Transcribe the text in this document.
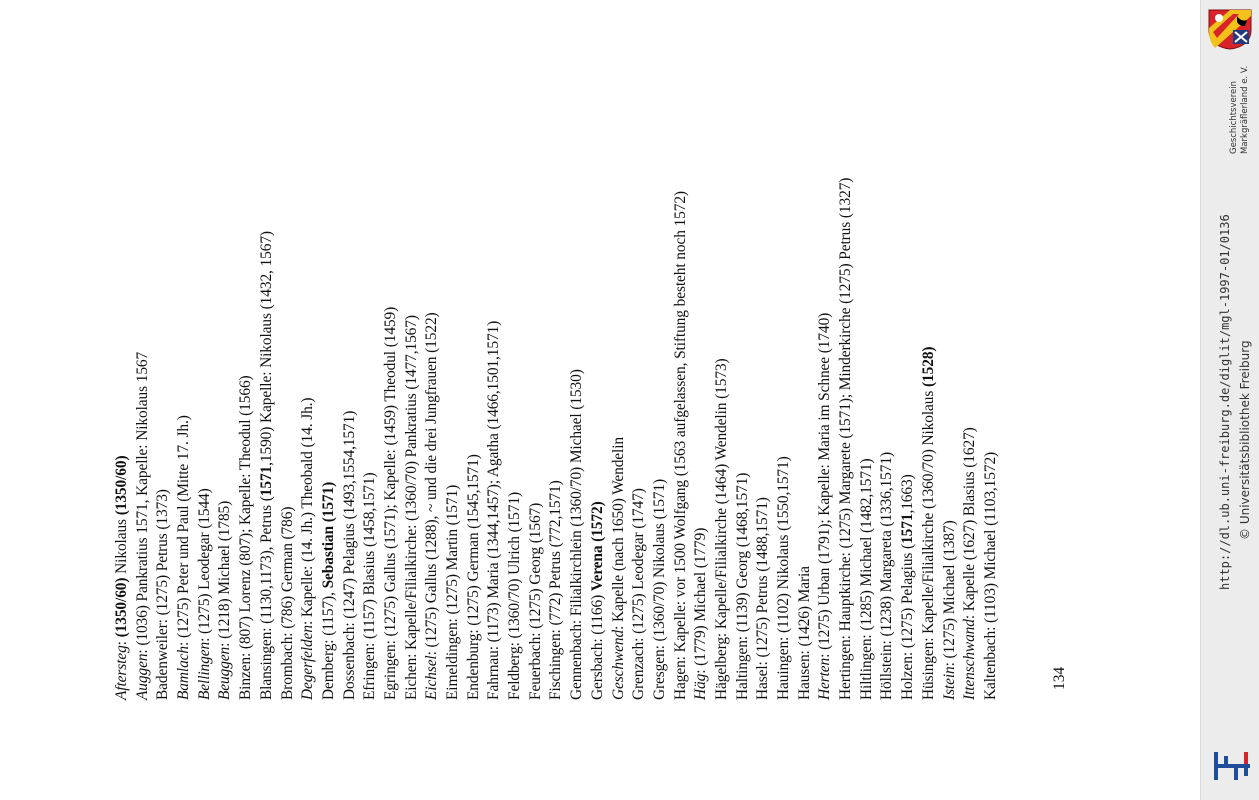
Aftersteg: (1350/60) Nikolaus (1350/60)
Auggen: (1036) Pankratius 1571, Kapelle: Nikolaus 1567 Badenweiler: (1275) Petrus (1373) Bamlach: (1275) Peter und Paul (Mitte 17. Jh.)
Bellingen: (1275) Leodegar (1544)
Beuggen: (1218) Michael (1785) Binzen: (807) Lorenz (807); Kapelle: Theodul (1566) Blansingen: (1130,1173), Petrus (1571,1590) Kapelle: Nikolaus (1432, 1567)
Brombach: (786) German (786) Degerfelden: Kapelle: (14. Jh.) Theobald (14. Jh.)
Demberg: (1157), Sebastian (1571) Dossenbach: (1247) Pelagius (1493,1554,1571) Efringen: (1157) Blasius (1458,1571) Egringen: (1275) Gallus (1571); Kapelle: (1459) Theodul (1459) Eichen: Kapelle/Filialkirche: (1360/70) Pankratius (1477,1567) Eichsel: (1275) Gallus (1288), ~ und die drei Jungfrauen (1522) Eimeldingen: (1275) Martin (1571) Endenburg: (1275) German (1545,1571) Fahrnau: (1173) Maria (1344,1457); Agatha (1466,1501,1571) Feldberg: (1360/70) Ulrich (1571) Feuerbach: (1275) Georg (1567) Fischingen: (772) Petrus (772,1571) Gennenbach: Filialkirchlein (1360/70) Michael (1530) Gersbach: (1166) Verena (1572)
Geschwend: Kapelle (nach 1650) Wendelin Grenzach: (1275) Leodegar (1747) Gresgen: (1360/70) Nikolaus (1571) Hagen: Kapelle: vor 1500 Wolfgang (1563 aufgelassen, Stiftung besteht noch 1572) Häg: (1779) Michael (1779) Hägelberg: Kapelle/Filialkirche (1464) Wendelin (1573) Haltingen: (1139) Georg (1468,1571) Hasel: (1275) Petrus (1488,1571) Hauingen: (1102) Nikolaus (1550,1571) Hausen: (1426) Maria Herten: (1275) Urban (1791); Kapelle: Maria im Schnee (1740) Hertingen: Hauptkirche: (1275) Margarete (1571); Minderkirche (1275) Petrus (1327) Hiltlingen: (1285) Michael (1482,1571) Höllstein: (1238) Margareta (1336,1571) Holzen: (1275) Pelagius (1571,1663) Hüsingen: Kapelle/Filialkirche (1360/70) Nikolaus (1528)
Istein: (1275) Michael (1387) Ittenschwand: Kapelle (1627) Blasius (1627) Kaltenbach: (1103) Michael (1103,1572)	134
Geschichtsverein Markgräflerland e. V.
http://dl.ub.uni-freiburg.de/diglit/mgl-1997-01/0136 © Universitätsbibliothek Freiburg
